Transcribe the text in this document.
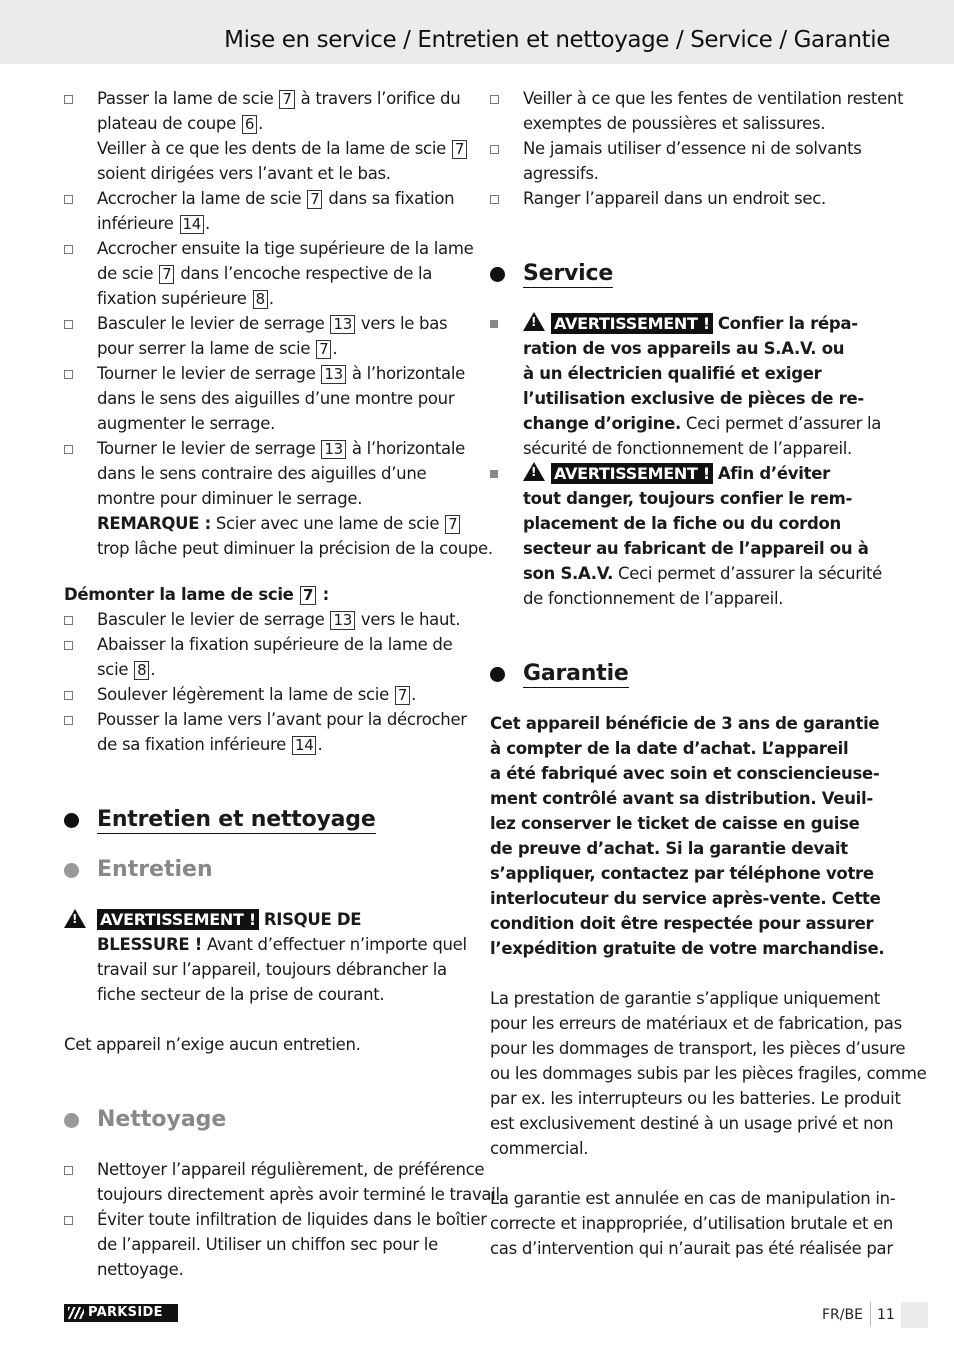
Mise en service / Entretien et nettoyage / Service / Garantie
Passer la lame de scie 7 à travers l’orifice du
plateau de coupe 6 .
Veiller à ce que les dents de la lame de scie 7
soient dirigées vers l’avant et le bas.
Accrocher la lame de scie 7 dans sa fixation
inférieure 14 .
Accrocher ensuite la tige supérieure de la lame
de scie 7 dans l’encoche respective de la
fixation supérieure 8 .
Basculer le levier de serrage 13 vers le bas
pour serrer la lame de scie 7 .
Tourner le levier de serrage 13 à l’horizontale
dans le sens des aiguilles d’une montre pour
augmenter le serrage.
Tourner le levier de serrage 13 à l’horizontale
dans le sens contraire des aiguilles d’une
montre pour diminuer le serrage.
REMARQUE : Scier avec une lame de scie 7
trop lâche peut diminuer la précision de la coupe.
Démonter la lame de scie 7 :
Basculer le levier de serrage 13 vers le haut.
Abaisser la fixation supérieure de la lame de
scie 8 .
Soulever légèrement la lame de scie 7 .
Pousser la lame vers l’avant pour la décrocher
de sa fixation inférieure 14 .
Entretien et nettoyage
Entretien
!
AVERTISSEMENT ! RISQUE DE
BLESSURE ! Avant d’effectuer n’importe quel
travail sur l’appareil, toujours débrancher la
fiche secteur de la prise de courant.
Cet appareil n’exige aucun entretien.
Nettoyage
Nettoyer l’appareil régulièrement, de préférence
toujours directement après avoir terminé le travail.
Éviter toute infiltration de liquides dans le boîtier
de l’appareil. Utiliser un chiffon sec pour le
nettoyage.
Veiller à ce que les fentes de ventilation restent
exemptes de poussières et salissures.
Ne jamais utiliser d’essence ni de solvants
agressifs.
Ranger l’appareil dans un endroit sec.
Service
!AVERTISSEMENT ! Confier la répa-
ration de vos appareils au S.A.V. ou
à un électricien qualifié et exiger
l’utilisation exclusive de pièces de re-
change d’origine. Ceci permet d’assurer la
sécurité de fonctionnement de l’appareil.
!AVERTISSEMENT ! Afin d’éviter
tout danger, toujours confier le rem-
placement de la fiche ou du cordon
secteur au fabricant de l’appareil ou à
son S.A.V. Ceci permet d’assurer la sécurité
de fonctionnement de l’appareil.
Garantie
Cet appareil bénéficie de 3 ans de garantie
à compter de la date d’achat. L’appareil
a été fabriqué avec soin et consciencieuse-
ment contrôlé avant sa distribution. Veuil-
lez conserver le ticket de caisse en guise
de preuve d’achat. Si la garantie devait
s’appliquer, contactez par téléphone votre
interlocuteur du service après-vente. Cette
condition doit être respectée pour assurer
l’expédition gratuite de votre marchandise.
La prestation de garantie s’applique uniquement
pour les erreurs de matériaux et de fabrication, pas
pour les dommages de transport, les pièces d’usure
ou les dommages subis par les pièces fragiles, comme
par ex. les interrupteurs ou les batteries. Le produit
est exclusivement destiné à un usage privé et non
commercial.
La garantie est annulée en cas de manipulation in-
correcte et inappropriée, d’utilisation brutale et en
cas d’intervention qui n’aurait pas été réalisée par
PARKSIDE	FR/BE 11
